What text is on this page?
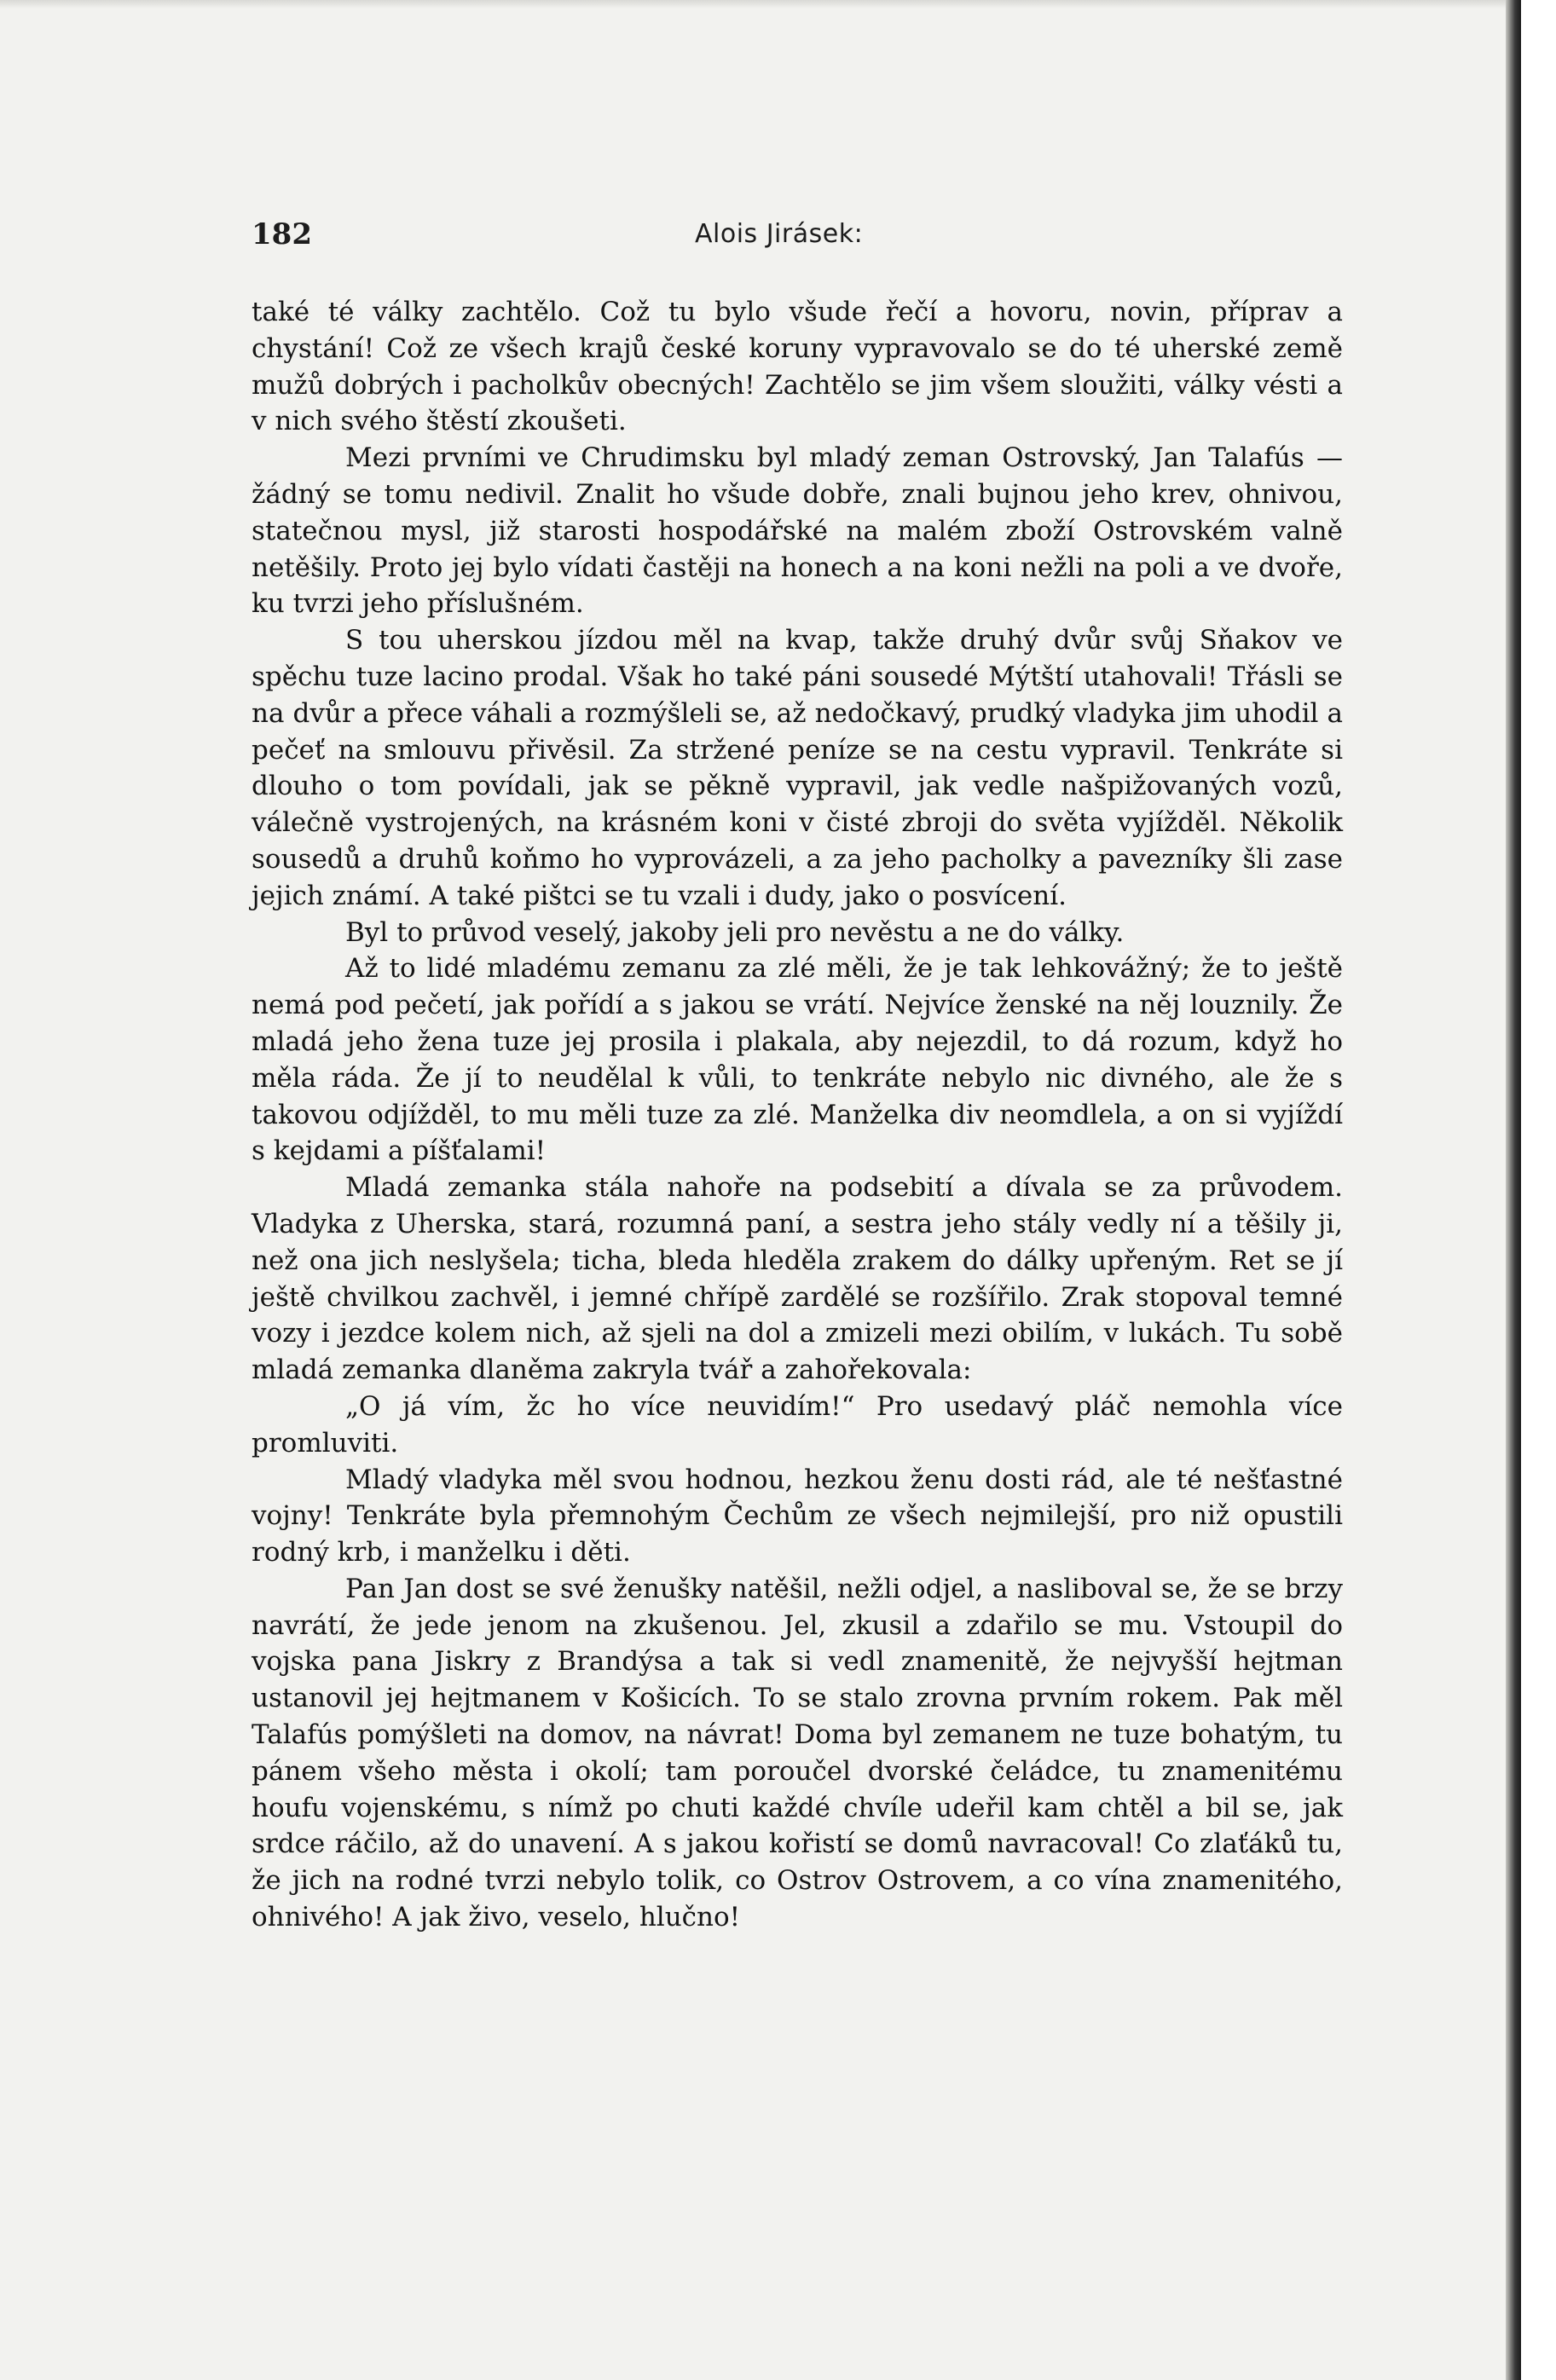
182	Alois Jirásek:

také té války zachtělo. Což tu bylo všude řečí a hovoru, novin, příprav a chystání! Což ze všech krajů české koruny vypravovalo se do té uherské země mužů dobrých i pacholkův obecných! Zachtělo se jim všem sloužiti, války vésti a v nich svého štěstí zkoušeti.

Mezi prvními ve Chrudimsku byl mladý zeman Ostrovský, Jan Talafús — žádný se tomu nedivil. Znalit ho všude dobře, znali bujnou jeho krev, ohnivou, statečnou mysl, již starosti hospodářské na malém zboží Ostrovském valně netěšily. Proto jej bylo vídati častěji na honech a na koni nežli na poli a ve dvoře, ku tvrzi jeho příslušném.

S tou uherskou jízdou měl na kvap, takže druhý dvůr svůj Sňakov ve spěchu tuze lacino prodal. Však ho také páni sousedé Mýtští utahovali! Třásli se na dvůr a přece váhali a rozmýšleli se, až nedočkavý, prudký vladyka jim uhodil a pečeť na smlouvu přivěsil. Za stržené peníze se na cestu vypravil. Tenkráte si dlouho o tom povídali, jak se pěkně vypravil, jak vedle našpižovaných vozů, válečně vystrojených, na krásném koni v čisté zbroji do světa vyjížděl. Několik sousedů a druhů koňmo ho vyprovázeli, a za jeho pacholky a pavezníky šli zase jejich známí. A také pištci se tu vzali i dudy, jako o posvícení.

Byl to průvod veselý, jakoby jeli pro nevěstu a ne do války.

Až to lidé mladému zemanu za zlé měli, že je tak lehkovážný; že to ještě nemá pod pečetí, jak pořídí a s jakou se vrátí. Nejvíce ženské na něj louznily. Že mladá jeho žena tuze jej prosila i plakala, aby nejezdil, to dá rozum, když ho měla ráda. Že jí to neudělal k vůli, to tenkráte nebylo nic divného, ale že s takovou odjížděl, to mu měli tuze za zlé. Manželka div neomdlela, a on si vyjíždí s kejdami a píšťalami!

Mladá zemanka stála nahoře na podsebití a dívala se za průvodem. Vladyka z Uherska, stará, rozumná paní, a sestra jeho stály vedly ní a těšily ji, než ona jich neslyšela; ticha, bleda hleděla zrakem do dálky upřeným. Ret se jí ještě chvilkou zachvěl, i jemné chřípě zardělé se rozšířilo. Zrak stopoval temné vozy i jezdce kolem nich, až sjeli na dol a zmizeli mezi obilím, v lukách. Tu sobě mladá zemanka dlaněma zakryla tvář a zahořekovala:

„O já vím, žc ho více neuvidím!“ Pro usedavý pláč nemohla více promluviti.

Mladý vladyka měl svou hodnou, hezkou ženu dosti rád, ale té nešťastné vojny! Tenkráte byla přemnohým Čechům ze všech nejmilejší, pro niž opustili rodný krb, i manželku i děti.

Pan Jan dost se své ženušky natěšil, nežli odjel, a nasliboval se, že se brzy navrátí, že jede jenom na zkušenou. Jel, zkusil a zdařilo se mu. Vstoupil do vojska pana Jiskry z Brandýsa a tak si vedl znamenitě, že nejvyšší hejtman ustanovil jej hejtmanem v Košicích. To se stalo zrovna prvním rokem. Pak měl Talafús pomýšleti na domov, na návrat! Doma byl zemanem ne tuze bohatým, tu pánem všeho města i okolí; tam poroučel dvorské čeládce, tu znamenitému houfu vojenskému, s nímž po chuti každé chvíle udeřil kam chtěl a bil se, jak srdce ráčilo, až do unavení. A s jakou kořistí se domů navracoval! Co zlaťáků tu, že jich na rodné tvrzi nebylo tolik, co Ostrov Ostrovem, a co vína znamenitého, ohnivého! A jak živo, veselo, hlučno!
